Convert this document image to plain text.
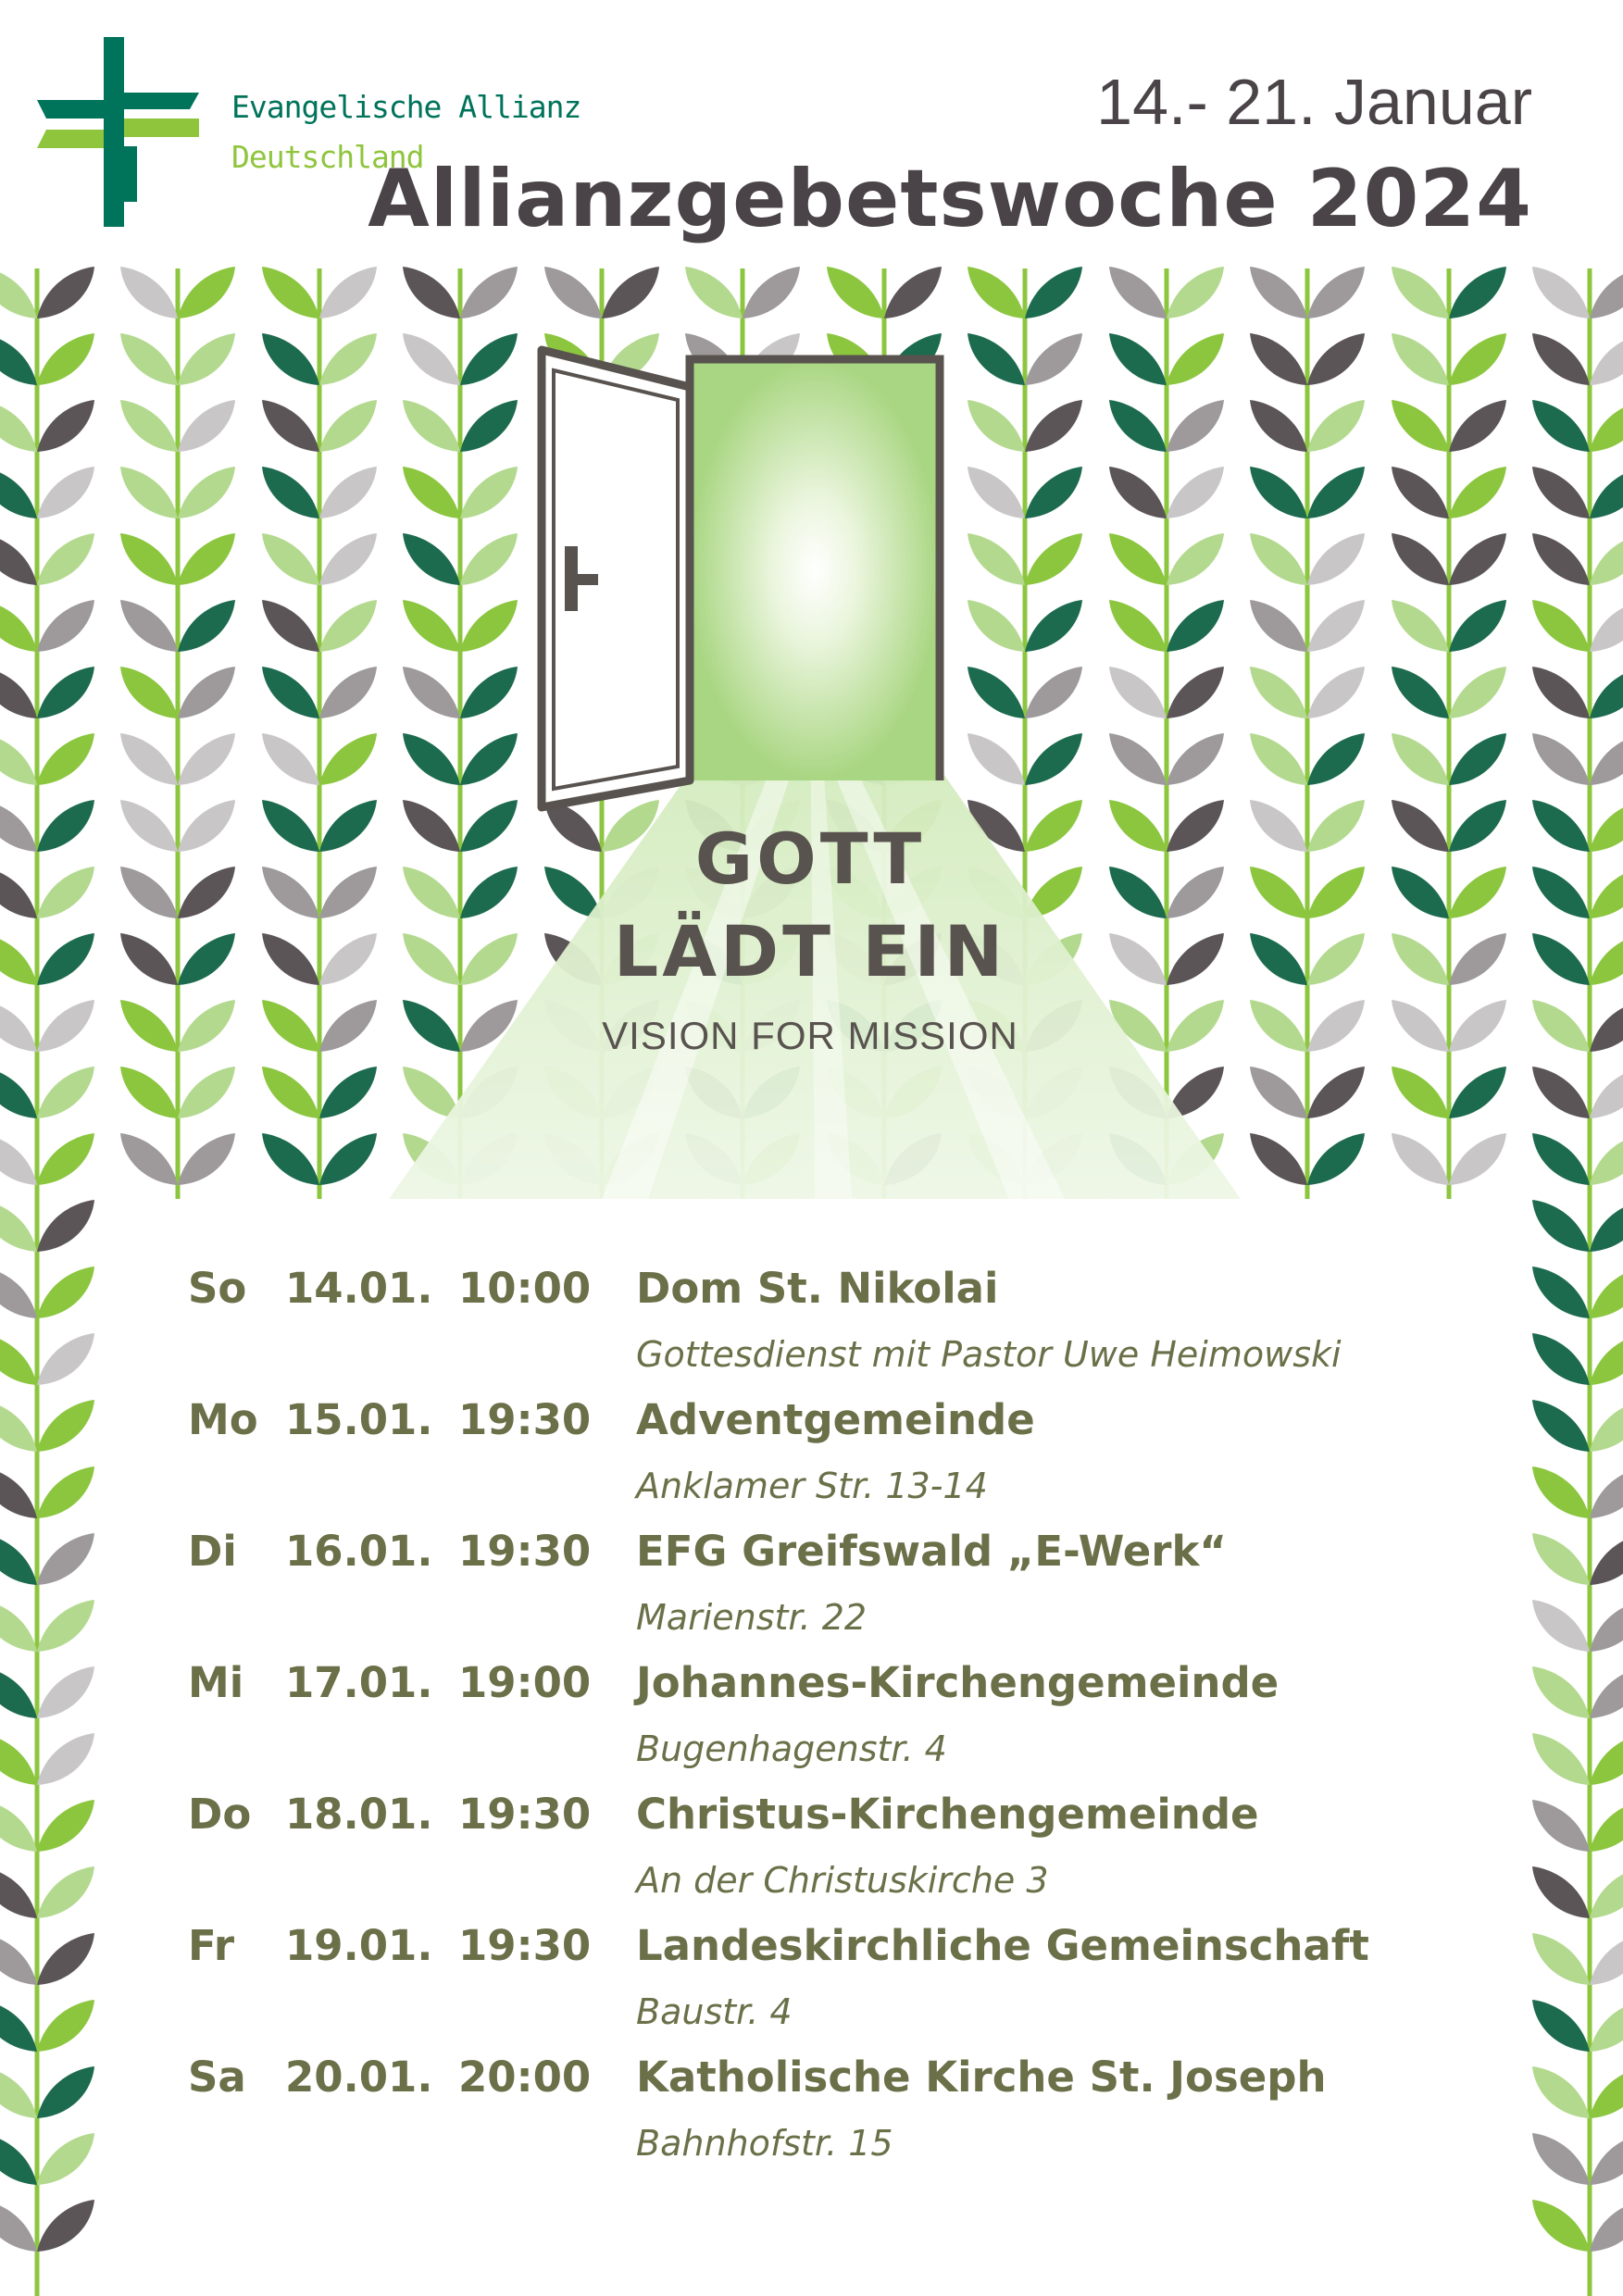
Evangelische Allianz
Deutschland
14.- 21. Januar
Allianzgebetswoche 2024
GOTT
LÄDT EIN
VISION FOR MISSION
So 14.01. 10:00 Dom St. Nikolai
Gottesdienst mit Pastor Uwe Heimowski
Mo 15.01. 19:30 Adventgemeinde
Anklamer Str. 13-14
Di 16.01. 19:30 EFG Greifswald „E-Werk“
Marienstr. 22
Mi 17.01. 19:00 Johannes-Kirchengemeinde
Bugenhagenstr. 4
Do 18.01. 19:30 Christus-Kirchengemeinde
An der Christuskirche 3
Fr 19.01. 19:30 Landeskirchliche Gemeinschaft
Baustr. 4
Sa 20.01. 20:00 Katholische Kirche St. Joseph
Bahnhofstr. 15
